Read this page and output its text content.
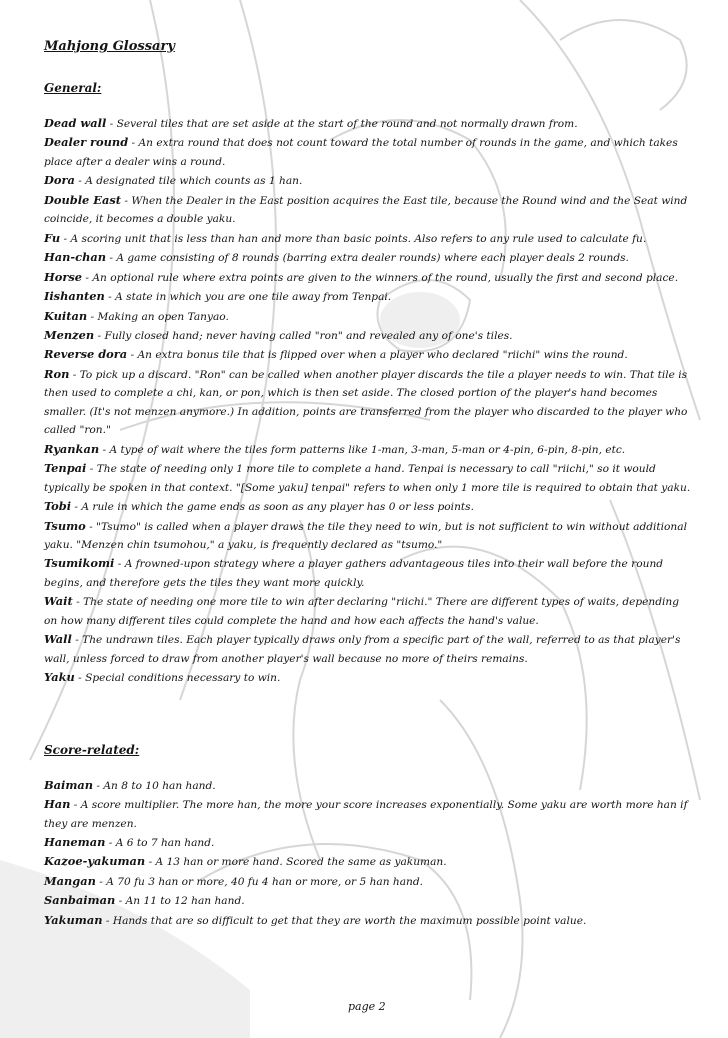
Mahjong Glossary
General:

Dead wall - Several tiles that are set aside at the start of the round and not normally drawn from.

Dealer round - An extra round that does not count toward the total number of rounds in the game, and which takes place after a dealer wins a round.

Dora - A designated tile which counts as 1 han.

Double East - When the Dealer in the East position acquires the East tile, because the Round wind and the Seat wind coincide, it becomes a double yaku.

Fu - A scoring unit that is less than han and more than basic points. Also refers to any rule used to calculate fu.

Han-chan - A game consisting of 8 rounds (barring extra dealer rounds) where each player deals 2 rounds.

Horse - An optional rule where extra points are given to the winners of the round, usually the first and second place.

Iishanten - A state in which you are one tile away from Tenpai.

Kuitan - Making an open Tanyao.

Menzen - Fully closed hand; never having called "ron" and revealed any of one's tiles.

Reverse dora - An extra bonus tile that is flipped over when a player who declared "riichi" wins the round.

Ron - To pick up a discard. "Ron" can be called when another player discards the tile a player needs to win. That tile is then used to complete a chi, kan, or pon, which is then set aside. The closed portion of the player's hand becomes smaller. (It's not menzen anymore.) In addition, points are transferred from the player who discarded to the player who called "ron."

Ryankan - A type of wait where the tiles form patterns like 1-man, 3-man, 5-man or 4-pin, 6-pin, 8-pin, etc.

Tenpai - The state of needing only 1 more tile to complete a hand. Tenpai is necessary to call "riichi," so it would typically be spoken in that context. "[Some yaku] tenpai" refers to when only 1 more tile is required to obtain that yaku.

Tobi - A rule in which the game ends as soon as any player has 0 or less points.

Tsumo - "Tsumo" is called when a player draws the tile they need to win, but is not sufficient to win without additional yaku. "Menzen chin tsumohou," a yaku, is frequently declared as "tsumo."

Tsumikomi - A frowned-upon strategy where a player gathers advantageous tiles into their wall before the round begins, and therefore gets the tiles they want more quickly.

Wait - The state of needing one more tile to win after declaring "riichi." There are different types of waits, depending on how many different tiles could complete the hand and how each affects the hand's value.

Wall - The undrawn tiles. Each player typically draws only from a specific part of the wall, referred to as that player's wall, unless forced to draw from another player's wall because no more of theirs remains.

Yaku - Special conditions necessary to win.

Score-related:

Baiman - An 8 to 10 han hand.

Han - A score multiplier. The more han, the more your score increases exponentially. Some yaku are worth more han if they are menzen.

Haneman - A 6 to 7 han hand.

Kazoe-yakuman - A 13 han or more hand. Scored the same as yakuman.

Mangan - A 70 fu 3 han or more, 40 fu 4 han or more, or 5 han hand.

Sanbaiman - An 11 to 12 han hand.

Yakuman - Hands that are so difficult to get that they are worth the maximum possible point value.

page 2
